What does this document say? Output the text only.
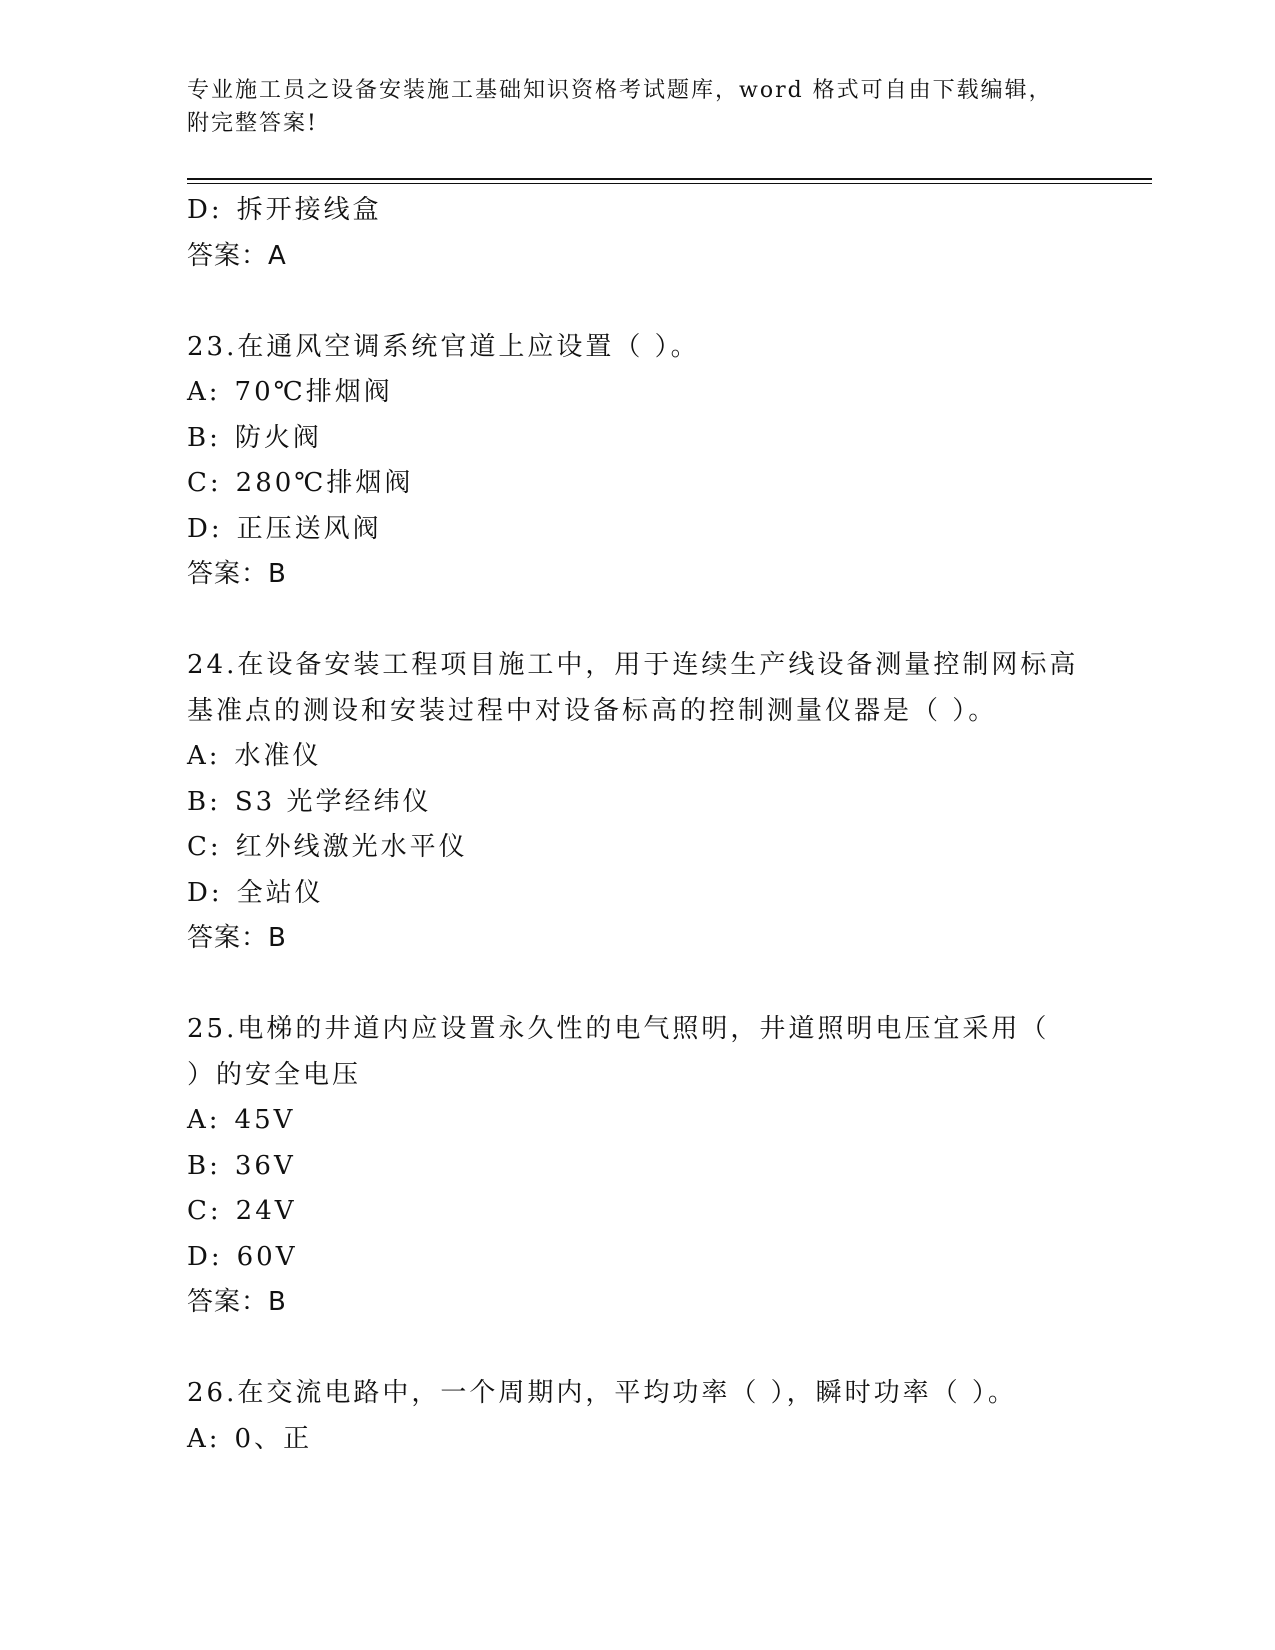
专业施工员之设备安装施工基础知识资格考试题库，word 格式可自由下载编辑，
附完整答案!
D: 拆开接线盒
答案：A
23.在通风空调系统官道上应设置（ ）。
A: 70℃排烟阀
B: 防火阀
C: 280℃排烟阀
D: 正压送风阀
答案：B
24.在设备安装工程项目施工中，用于连续生产线设备测量控制网标高
基准点的测设和安装过程中对设备标高的控制测量仪器是（ ）。
A: 水准仪
B: S3 光学经纬仪
C: 红外线激光水平仪
D: 全站仪
答案：B
25.电梯的井道内应设置永久性的电气照明，井道照明电压宜采用（
）的安全电压
A: 45V
B: 36V
C: 24V
D: 60V
答案：B
26.在交流电路中，一个周期内，平均功率（ ），瞬时功率（ ）。
A: 0、正
